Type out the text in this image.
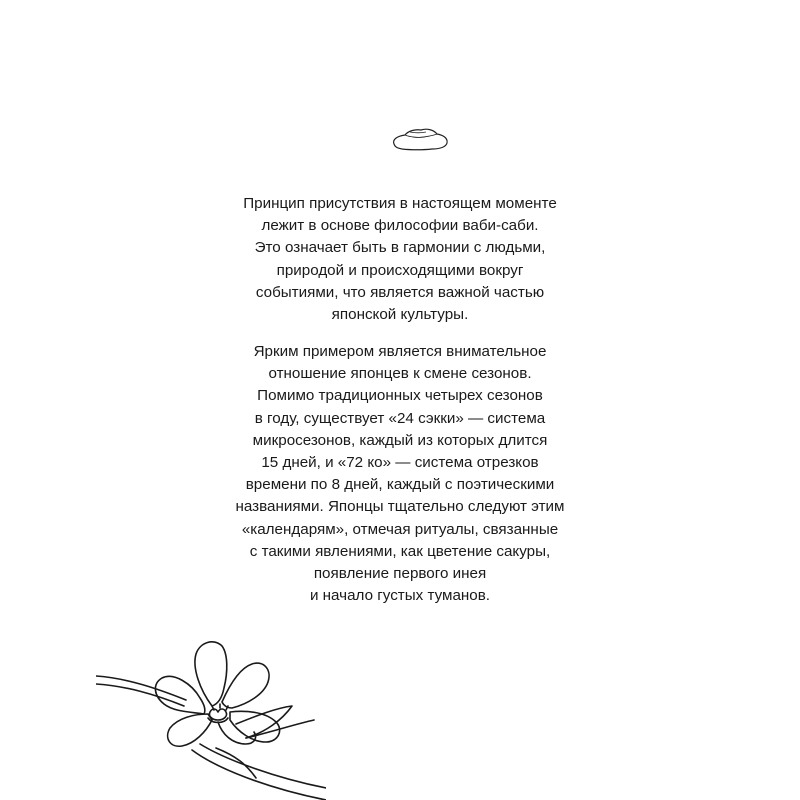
Принцип присутствия в настоящем моменте
лежит в основе философии ваби-саби.
Это означает быть в гармонии с людьми,
природой и происходящими вокруг
событиями, что является важной частью
японской культуры.
Ярким примером является внимательное
отношение японцев к смене сезонов.
Помимо традиционных четырех сезонов
в году, существует «24 сэкки» — система
микросезонов, каждый из которых длится
15 дней, и «72 ко» — система отрезков
времени по 8 дней, каждый с поэтическими
названиями. Японцы тщательно следуют этим
«календарям», отмечая ритуалы, связанные
с такими явлениями, как цветение сакуры,
появление первого инея
и начало густых туманов.
